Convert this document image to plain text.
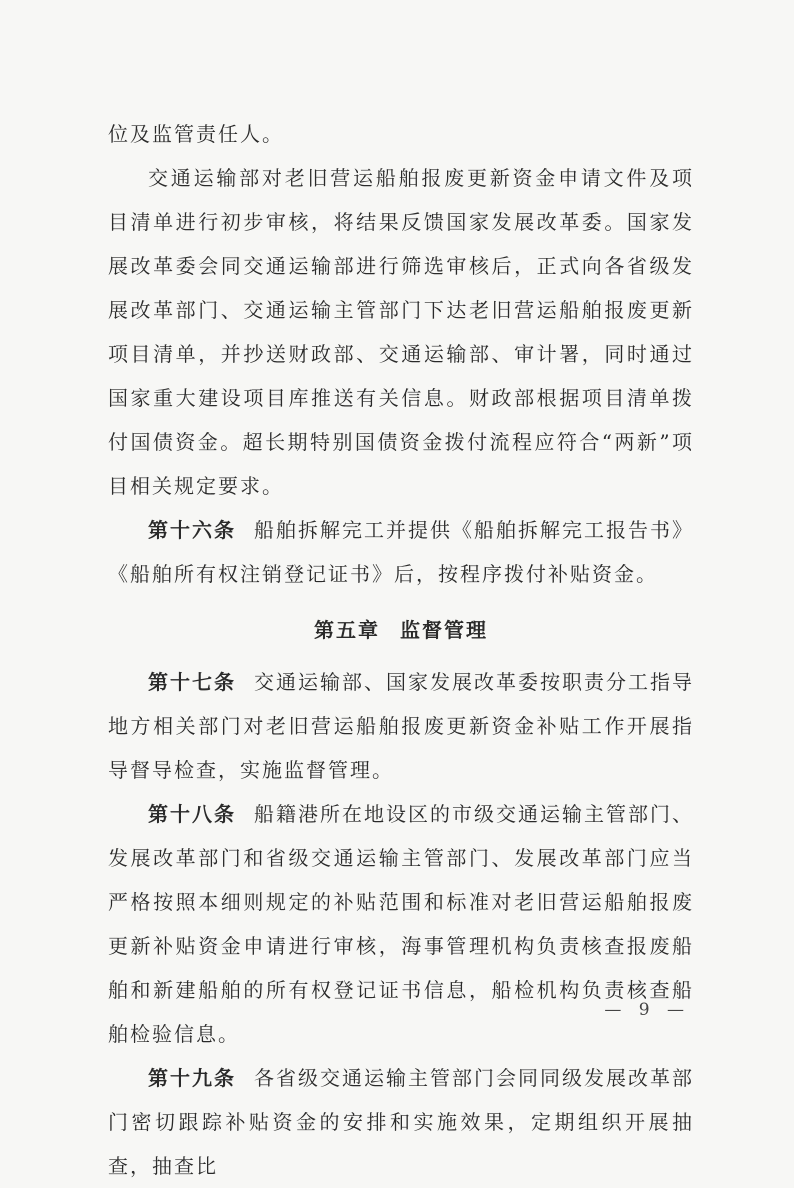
位及监管责任人。

交通运输部对老旧营运船舶报废更新资金申请文件及项目清单进行初步审核，将结果反馈国家发展改革委。国家发展改革委会同交通运输部进行筛选审核后，正式向各省级发展改革部门、交通运输主管部门下达老旧营运船舶报废更新项目清单，并抄送财政部、交通运输部、审计署，同时通过国家重大建设项目库推送有关信息。财政部根据项目清单拨付国债资金。超长期特别国债资金拨付流程应符合“两新”项目相关规定要求。

第十六条 船舶拆解完工并提供《船舶拆解完工报告书》《船舶所有权注销登记证书》后，按程序拨付补贴资金。

第五章 监督管理

第十七条 交通运输部、国家发展改革委按职责分工指导地方相关部门对老旧营运船舶报废更新资金补贴工作开展指导督导检查，实施监督管理。

第十八条 船籍港所在地设区的市级交通运输主管部门、发展改革部门和省级交通运输主管部门、发展改革部门应当严格按照本细则规定的补贴范围和标准对老旧营运船舶报废更新补贴资金申请进行审核，海事管理机构负责核查报废船舶和新建船舶的所有权登记证书信息，船检机构负责核查船舶检验信息。

第十九条 各省级交通运输主管部门会同同级发展改革部门密切跟踪补贴资金的安排和实施效果，定期组织开展抽查，抽查比

— 9 —
